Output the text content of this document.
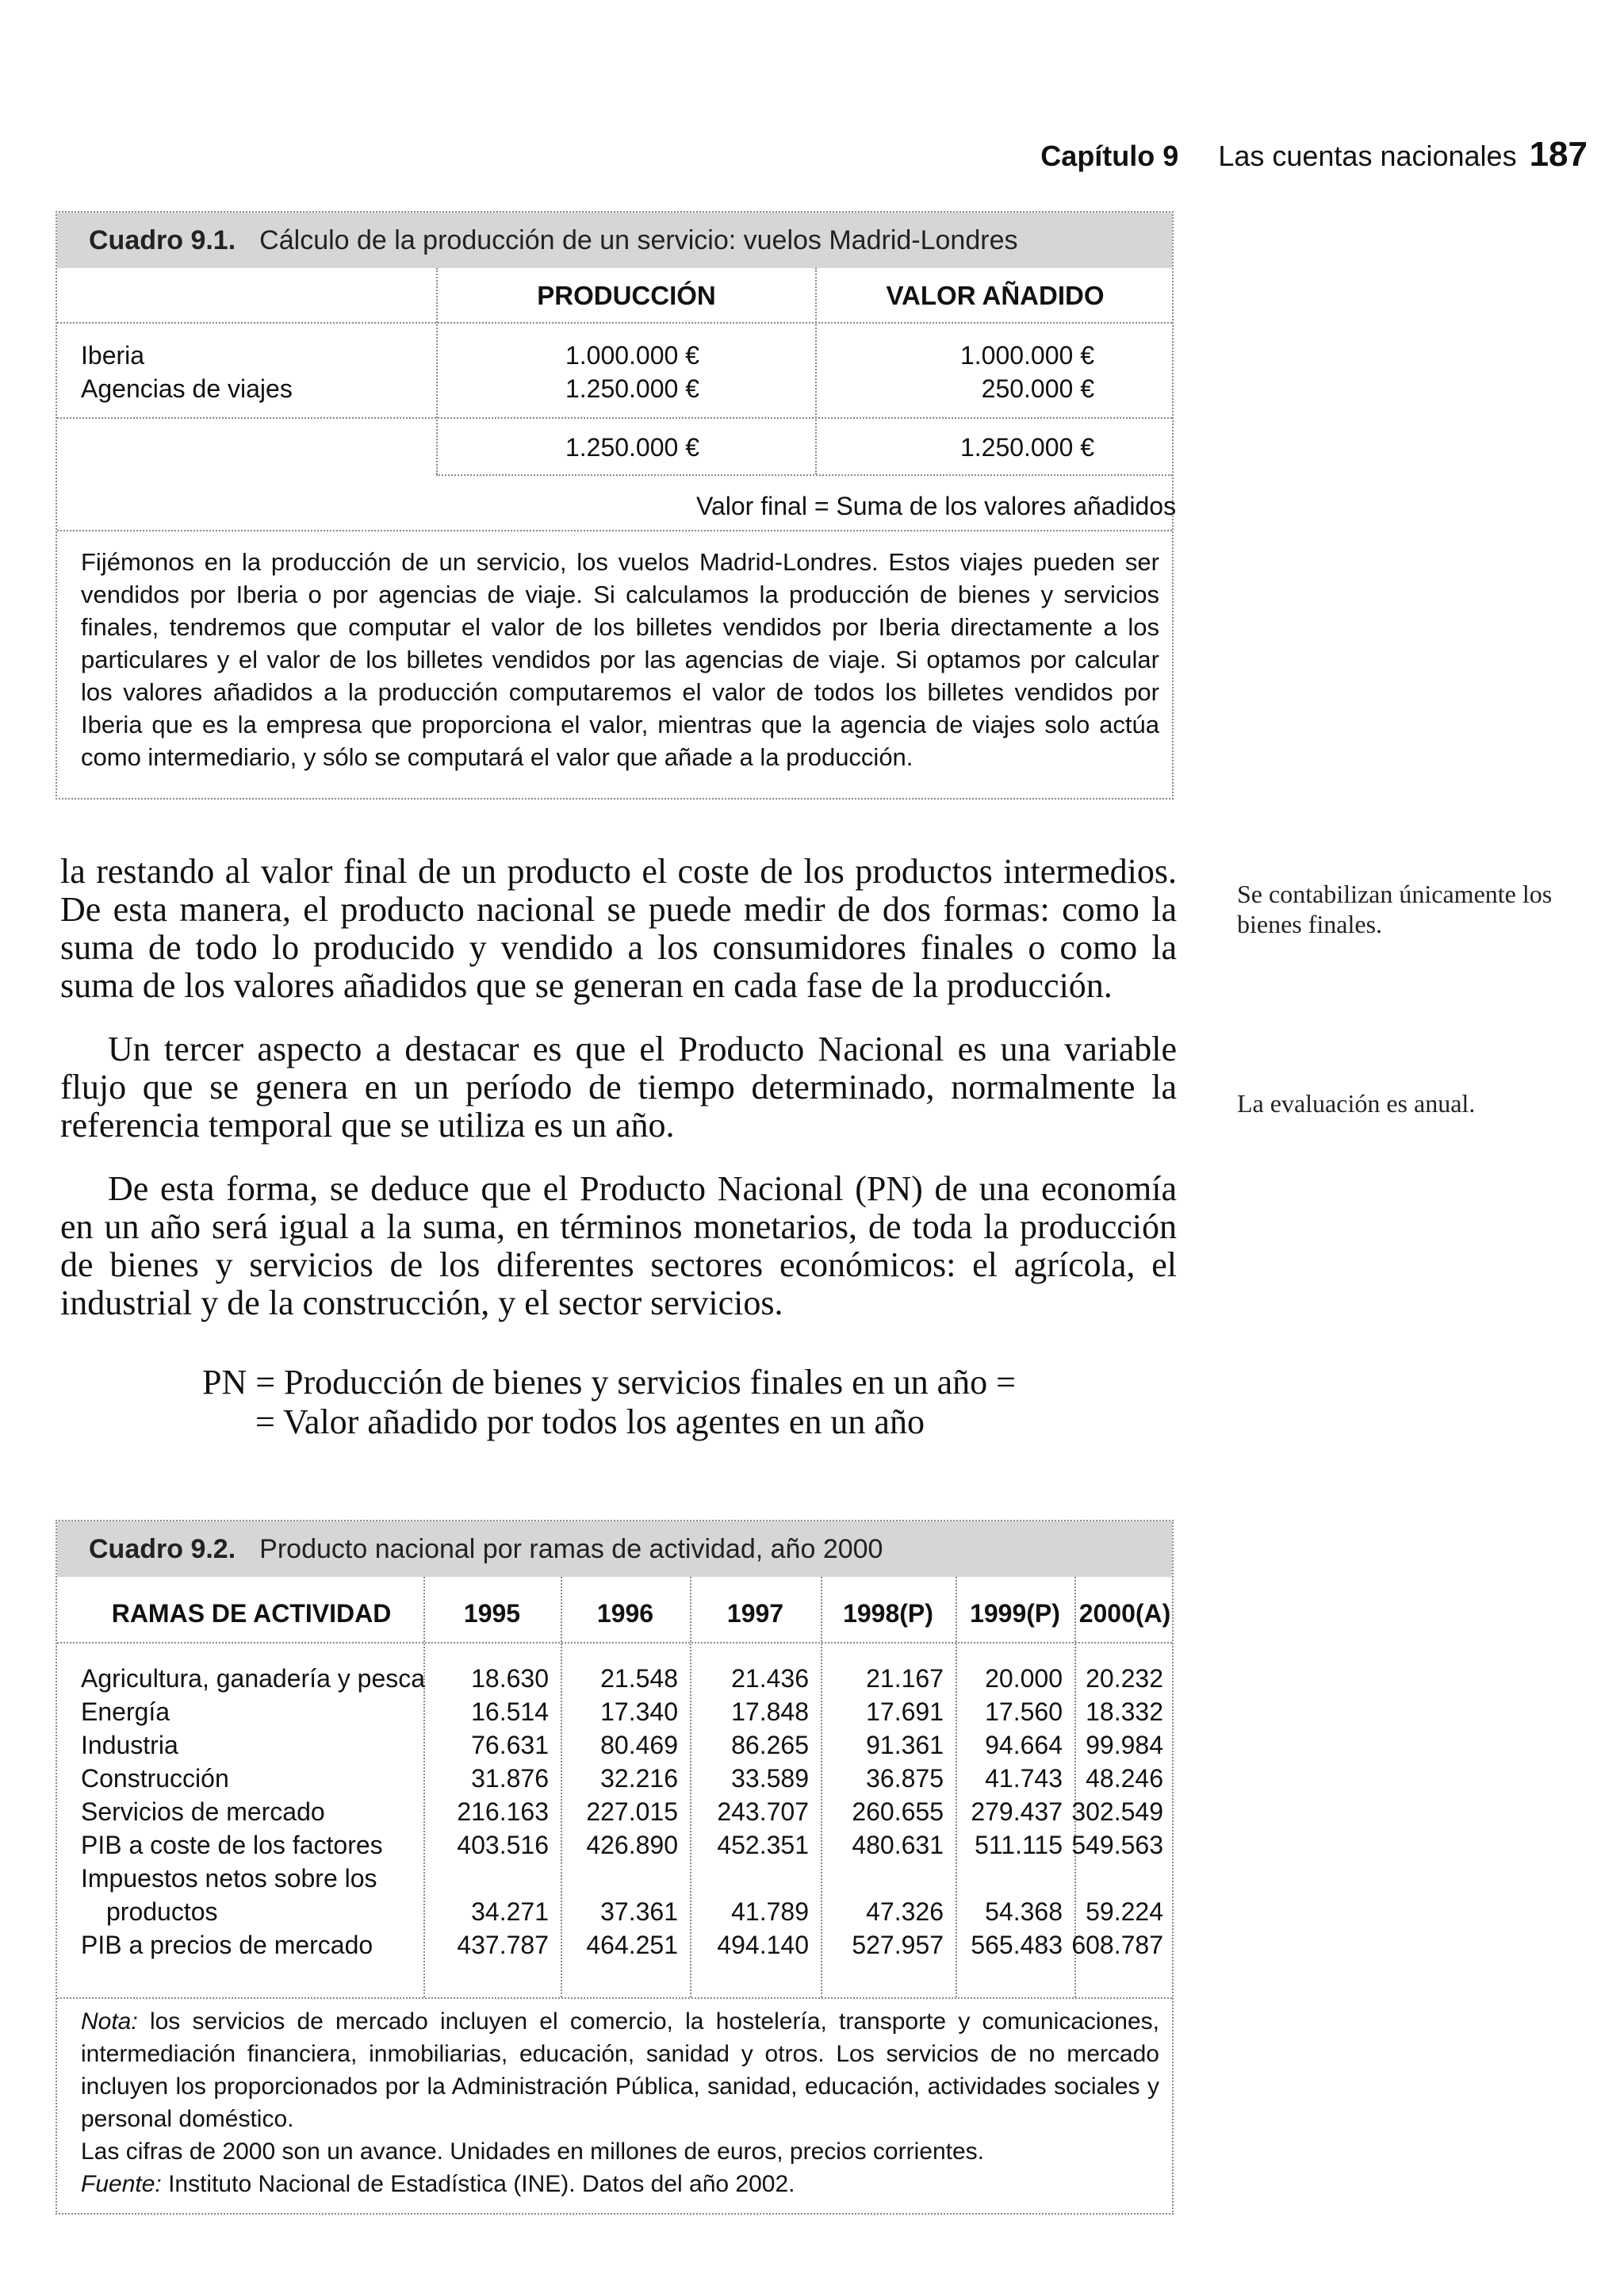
Capítulo 9 Las cuentas nacionales 187
Cuadro 9.1. Cálculo de la producción de un servicio: vuelos Madrid-Londres
PRODUCCIÓN	VALOR AÑADIDO
Iberia	1.000.000 €	1.000.000 €
Agencias de viajes	1.250.000 €	250.000 €
1.250.000 €	1.250.000 €
Valor final = Suma de los valores añadidos
Fijémonos en la producción de un servicio, los vuelos Madrid-Londres. Estos viajes pueden ser vendidos por Iberia o por agencias de viaje. Si calculamos la producción de bienes y servicios finales, tendremos que computar el valor de los billetes vendidos por Iberia directamente a los particulares y el valor de los billetes vendidos por las agencias de viaje. Si optamos por calcular los valores añadidos a la producción computaremos el valor de todos los billetes vendidos por Iberia que es la empresa que proporciona el valor, mientras que la agencia de viajes solo actúa como intermediario, y sólo se computará el valor que añade a la producción.

la restando al valor final de un producto el coste de los productos intermedios. De esta manera, el producto nacional se puede medir de dos formas: como la suma de todo lo producido y vendido a los consumidores finales o como la suma de los valores añadidos que se generan en cada fase de la producción.

Un tercer aspecto a destacar es que el Producto Nacional es una variable flujo que se genera en un período de tiempo determinado, normalmente la referencia temporal que se utiliza es un año.

De esta forma, se deduce que el Producto Nacional (PN) de una economía en un año será igual a la suma, en términos monetarios, de toda la producción de bienes y servicios de los diferentes sectores económicos: el agrícola, el industrial y de la construcción, y el sector servicios.

PN = Producción de bienes y servicios finales en un año =
= Valor añadido por todos los agentes en un año
Se contabilizan únicamente los bienes finales.
La evaluación es anual.
Cuadro 9.2. Producto nacional por ramas de actividad, año 2000
RAMAS DE ACTIVIDAD	1995	1996	1997	1998(P)	1999(P) 2000(A)
Agricultura, ganadería y pesca	18.630	21.548	21.436	21.167	20.000 20.232
Energía	16.514	17.340	17.848	17.691	17.560 18.332
Industria	76.631	80.469	86.265	91.361	94.664 99.984
Construcción	31.876	32.216	33.589	36.875	41.743 48.246
Servicios de mercado	216.163 227.015 243.707 260.655 279.437 302.549
PIB a coste de los factores	403.516 426.890 452.351 480.631 511.115 549.563
Impuestos netos sobre los
productos	34.271	37.361	41.789	47.326	54.368 59.224
PIB a precios de mercado	437.787 464.251 494.140 527.957 565.483 608.787

Nota: los servicios de mercado incluyen el comercio, la hostelería, transporte y comunicaciones, intermediación financiera, inmobiliarias, educación, sanidad y otros. Los servicios de no mercado incluyen los proporcionados por la Administración Pública, sanidad, educación, actividades sociales y personal doméstico.

Las cifras de 2000 son un avance. Unidades en millones de euros, precios corrientes.

Fuente: Instituto Nacional de Estadística (INE). Datos del año 2002.
